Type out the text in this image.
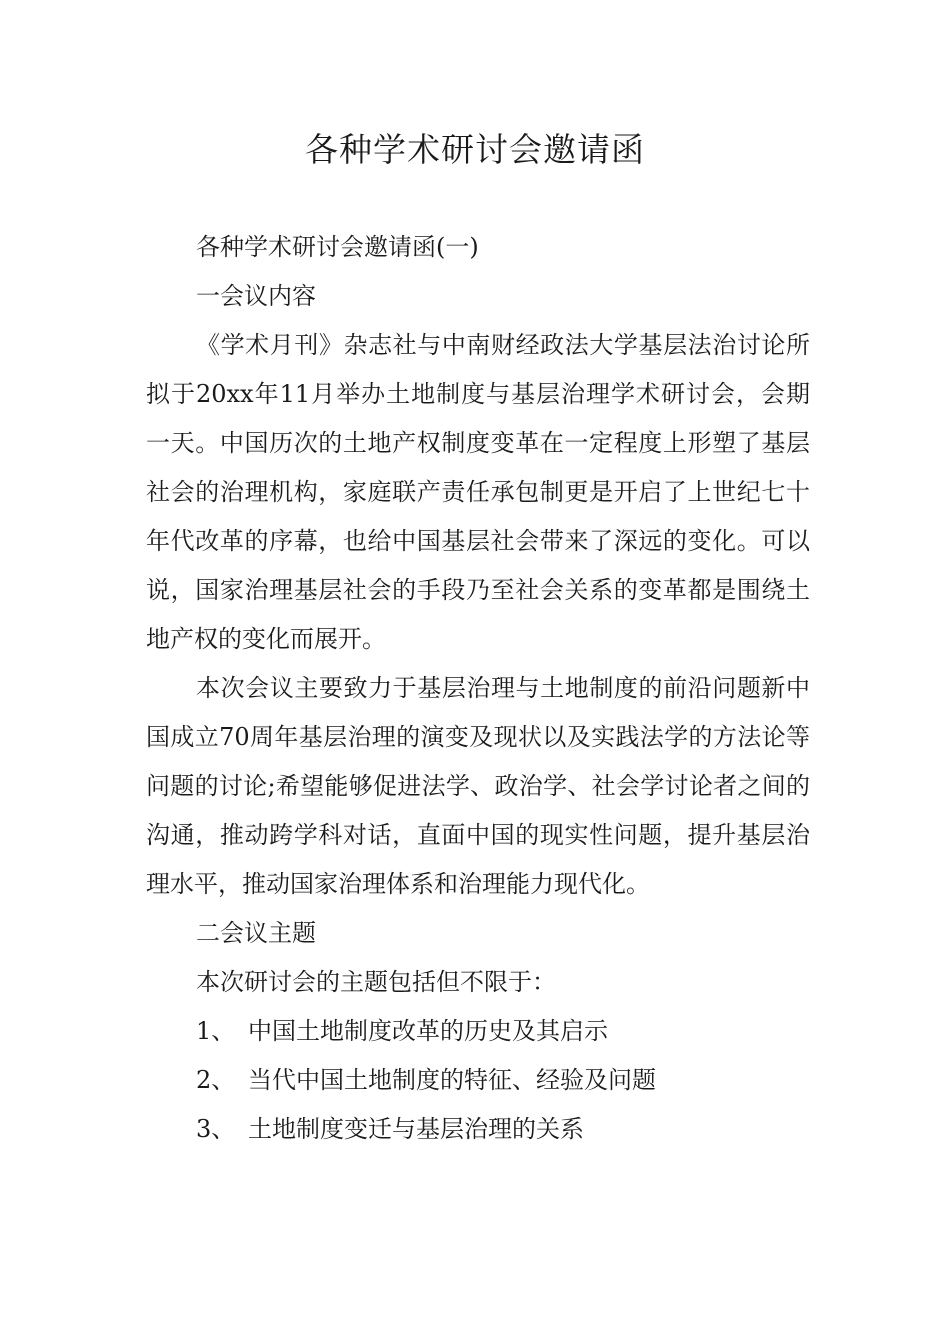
各种学术研讨会邀请函

各种学术研讨会邀请函(一)

一会议内容

《学术月刊》杂志社与中南财经政法大学基层法治讨论所拟于20xx年11月举办土地制度与基层治理学术研讨会，会期一天。中国历次的土地产权制度变革在一定程度上形塑了基层社会的治理机构，家庭联产责任承包制更是开启了上世纪七十年代改革的序幕，也给中国基层社会带来了深远的变化。可以说，国家治理基层社会的手段乃至社会关系的变革都是围绕土地产权的变化而展开。

本次会议主要致力于基层治理与土地制度的前沿问题新中国成立70周年基层治理的演变及现状以及实践法学的方法论等问题的讨论;希望能够促进法学、政治学、社会学讨论者之间的沟通，推动跨学科对话，直面中国的现实性问题，提升基层治理水平，推动国家治理体系和治理能力现代化。

二会议主题

本次研讨会的主题包括但不限于：

1、 中国土地制度改革的历史及其启示
2、 当代中国土地制度的特征、经验及问题
3、 土地制度变迁与基层治理的关系
